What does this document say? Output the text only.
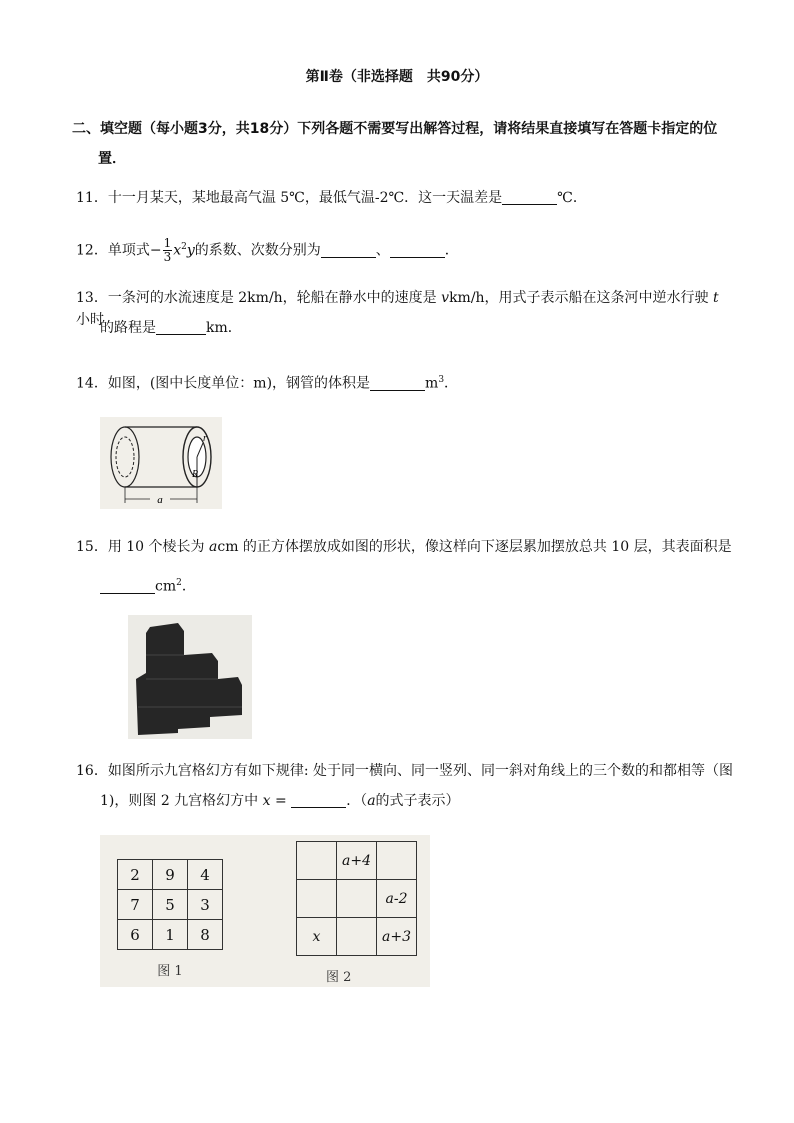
第Ⅱ卷（非选择题　共90分）
二、填空题（每小题3分，共18分）下列各题不需要写出解答过程，请将结果直接填写在答题卡指定的位
置．
11．十一月某天，某地最高气温 5℃，最低气温-2℃．这一天温差是	℃．
12．单项式− $\frac{1}{3} x^2y$的系数、次数分别为	、	．
13．一条河的水流速度是 2km/h，轮船在静水中的速度是 vkm/h，用式子表示船在这条河中逆水行驶 t 小时
的路程是	km．
14．如图，(图中长度单位：m)，钢管的体积是	$m^3$．
a
r
R
15．用 10 个棱长为 acm 的正方体摆放成如图的形状，像这样向下逐层累加摆放总共 10 层，其表面积是
$cm^2$．
16．如图所示九宫格幻方有如下规律: 处于同一横向、同一竖列、同一斜对角线上的三个数的和都相等（图
1)，则图 2 九宫格幻方中 x =	．（a的式子表示）
2	9	4
7	5	3
6	1	8
图 1
	a+4	
		a-2
x		a+3
图 2
